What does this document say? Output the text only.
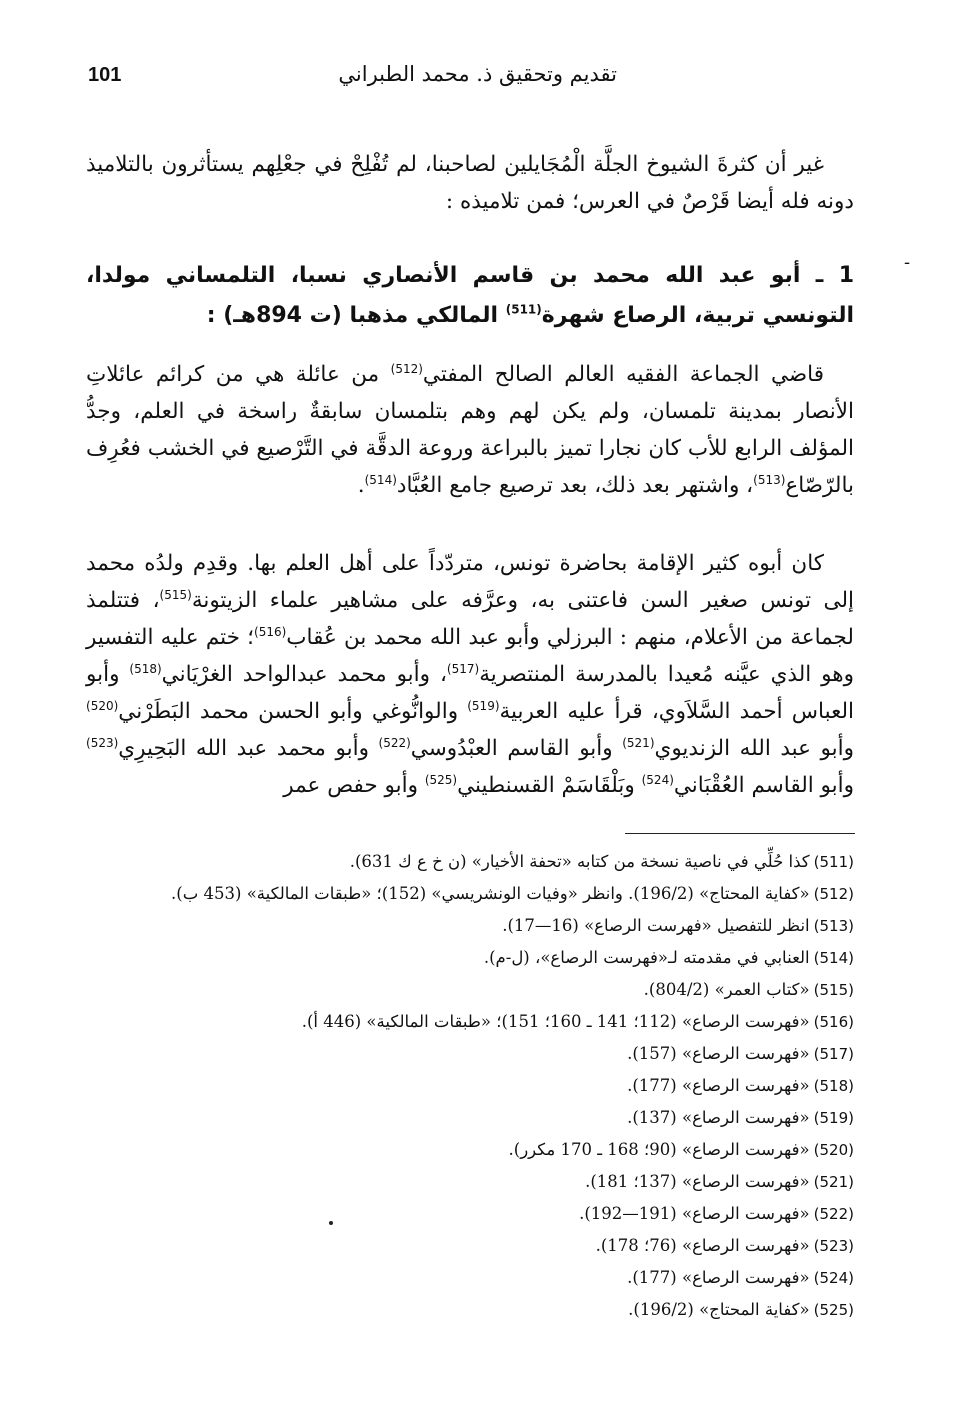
تقديم وتحقيق ذ. محمد الطبراني
101
-

غير أن كثرةَ الشيوخ الجلَّة الْمُجَايلين لصاحبنا، لم تُفْلِحْ في جعْلِهم يستأثرون بالتلاميذ دونه فله أيضا قَرْصٌ في العرس؛ فمن تلاميذه :

1 ـ أبو عبد الله محمد بن قاسم الأنصاري نسبا، التلمساني مولدا، التونسي تربية، الرصاع شهرة$^{(511)}$ المالكي مذهبا (ت 894هـ) :

قاضي الجماعة الفقيه العالم الصالح المفتي$^{(512)}$ من عائلة هي من كرائم عائلاتِ الأنصار بمدينة تلمسان، ولم يكن لهم وهم بتلمسان سابقةٌ راسخة في العلم، وجدُّ المؤلف الرابع للأب كان نجارا تميز بالبراعة وروعة الدقَّة في التَّرْصيع في الخشب فعُرِف بالرّصّاع$^{(513)}$، واشتهر بعد ذلك، بعد ترصيع جامع العُبَّاد$^{(514)}$.

كان أبوه كثير الإقامة بحاضرة تونس، متردّداً على أهل العلم بها. وقدِم ولدُه محمد إلى تونس صغير السن فاعتنى به، وعرَّفه على مشاهير علماء الزيتونة$^{(515)}$، فتتلمذ لجماعة من الأعلام، منهم : البرزلي وأبو عبد الله محمد بن عُقاب$^{(516)}$؛ ختم عليه التفسير وهو الذي عيَّنه مُعيدا بالمدرسة المنتصرية$^{(517)}$، وأبو محمد عبدالواحد الغرْيَاني$^{(518)}$ وأبو العباس أحمد السَّلاَوي، قرأ عليه العربية$^{(519)}$ والوانُّوغي وأبو الحسن محمد البَطَرْني$^{(520)}$ وأبو عبد الله الزنديوي$^{(521)}$ وأبو القاسم العبْدُوسي$^{(522)}$ وأبو محمد عبد الله البَحِيرِي$^{(523)}$ وأبو القاسم العُقْبَاني$^{(524)}$ وبَلْقَاسَمْ القسنطيني$^{(525)}$ وأبو حفص عمر

(511)كذا حُلِّي في ناصية نسخة من كتابه «تحفة الأخيار» (ن خ ع ك 631).
(512)«كفاية المحتاج» (196/2). وانظر «وفيات الونشريسي» (152)؛ «طبقات المالكية» (453 ب).
(513)انظر للتفصيل «فهرست الرصاع» (16—17).
(514)العنابي في مقدمته لـ«فهرست الرصاع»، (ل-م).
(515)«كتاب العمر» (804/2).
(516)«فهرست الرصاع» (112؛ 141 ـ 160؛ 151)؛ «طبقات المالكية» (446 أ).
(517)«فهرست الرصاع» (157).
(518)«فهرست الرصاع» (177).
(519)«فهرست الرصاع» (137).
(520)«فهرست الرصاع» (90؛ 168 ـ 170 مكرر).
(521)«فهرست الرصاع» (137؛ 181).
(522)«فهرست الرصاع» (191—192).
(523)«فهرست الرصاع» (76؛ 178).
(524)«فهرست الرصاع» (177).
(525)«كفاية المحتاج» (196/2).
